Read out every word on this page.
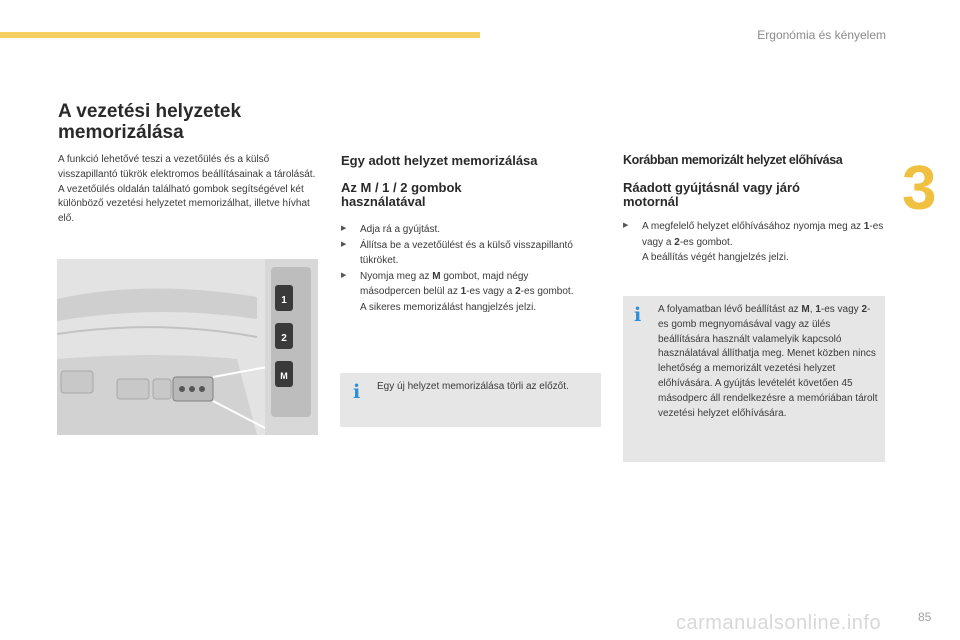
Ergonómia és kényelem
3
A vezetési helyzetek
memorizálása

A funkció lehetővé teszi a vezetőülés és a külső visszapillantó tükrök elektromos beállításainak a tárolását. A vezetőülés oldalán található gombok segítségével két különböző vezetési helyzetet memorizálhat, illetve hívhat elő.

1
2
M
Egy adott helyzet memorizálása
Az M / 1 / 2 gombok
használatával
▶ Adja rá a gyújtást.
▶ Állítsa be a vezetőülést és a külső visszapillantó tükröket.
▶ Nyomja meg az M gombot, majd négy másodpercen belül az 1-es vagy a 2-es gombot.
A sikeres memorizálást hangjelzés jelzi.
i Egy új helyzet memorizálása törli az előzőt.

Korábban memorizált helyzet előhívása
Ráadott gyújtásnál vagy járó
motornál
▶ A megfelelő helyzet előhívásához nyomja meg az 1-es vagy a 2-es gombot.
A beállítás végét hangjelzés jelzi.
i A folyamatban lévő beállítást az M, 1-es vagy 2-es gomb megnyomásával vagy az ülés beállítására használt valamelyik kapcsoló használatával állíthatja meg. Menet közben nincs lehetőség a memorizált vezetési helyzet előhívására. A gyújtás levételét követően 45 másodperc áll rendelkezésre a memóriában tárolt vezetési helyzet előhívására.

carmanualsonline.info	85
